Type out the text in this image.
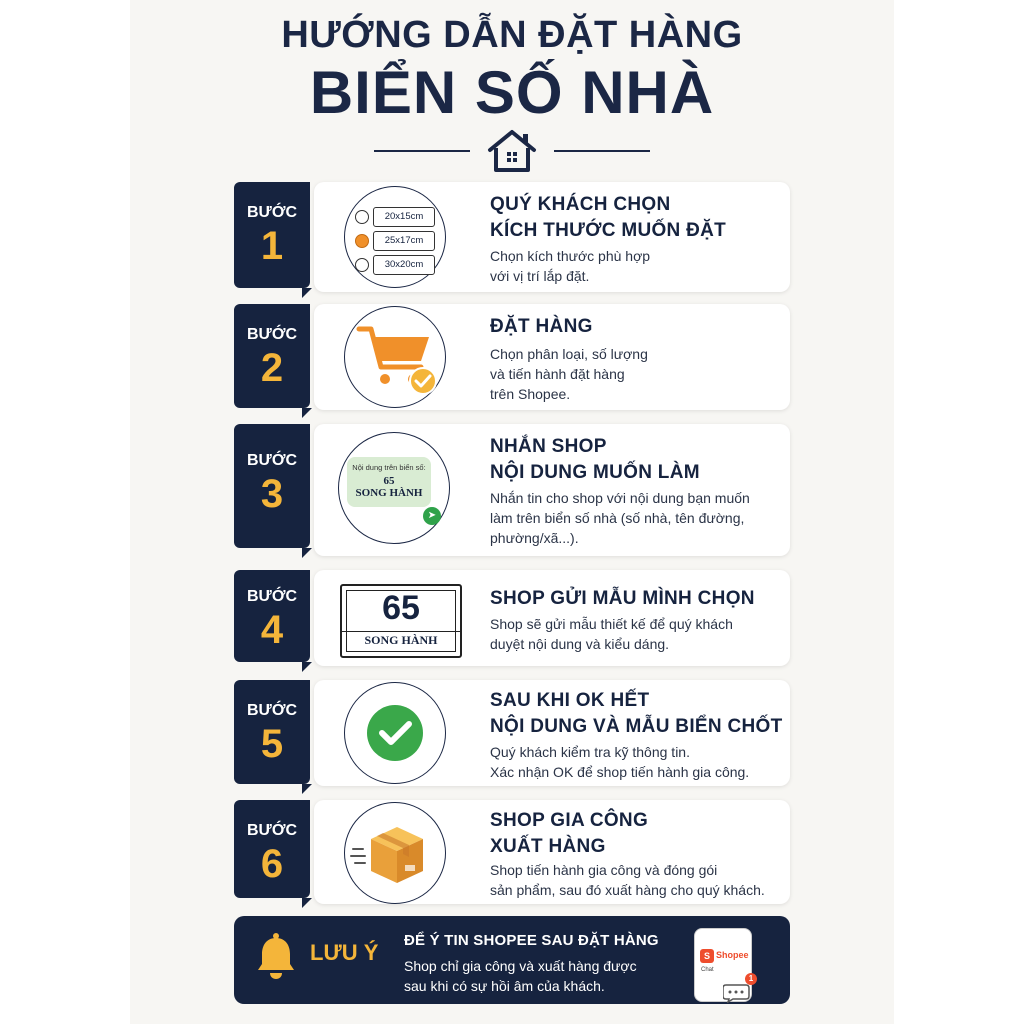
HƯỚNG DẪN ĐẶT HÀNG
BIỂN SỐ NHÀ
BƯỚC
1
20x15cm
25x17cm
30x20cm
QUÝ KHÁCH CHỌN
KÍCH THƯỚC MUỐN ĐẶT
Chọn kích thước phù hợp
với vị trí lắp đặt.
BƯỚC
2
ĐẶT HÀNG
Chọn phân loại, số lượng
và tiến hành đặt hàng
trên Shopee.
BƯỚC
3
Nội dung trên biển số:
65
SONG HÀNH
➤
NHẮN SHOP
NỘI DUNG MUỐN LÀM
Nhắn tin cho shop với nội dung bạn muốn
làm trên biển số nhà (số nhà, tên đường,
phường/xã...).
BƯỚC
4	65
SONG HÀNH
SHOP GỬI MẪU MÌNH CHỌN
Shop sẽ gửi mẫu thiết kế để quý khách
duyệt nội dung và kiểu dáng.
BƯỚC
5
SAU KHI OK HẾT
NỘI DUNG VÀ MẪU BIỂN CHỐT
Quý khách kiểm tra kỹ thông tin.
Xác nhận OK để shop tiến hành gia công.
BƯỚC
6
SHOP GIA CÔNG
XUẤT HÀNG
Shop tiến hành gia công và đóng gói
sản phẩm, sau đó xuất hàng cho quý khách.
LƯU Ý ĐỂ Ý TIN SHOPEE SAU ĐẶT HÀNG
Shop chỉ gia công và xuất hàng được
sau khi có sự hồi âm của khách.
S Shopee
Chat
1
